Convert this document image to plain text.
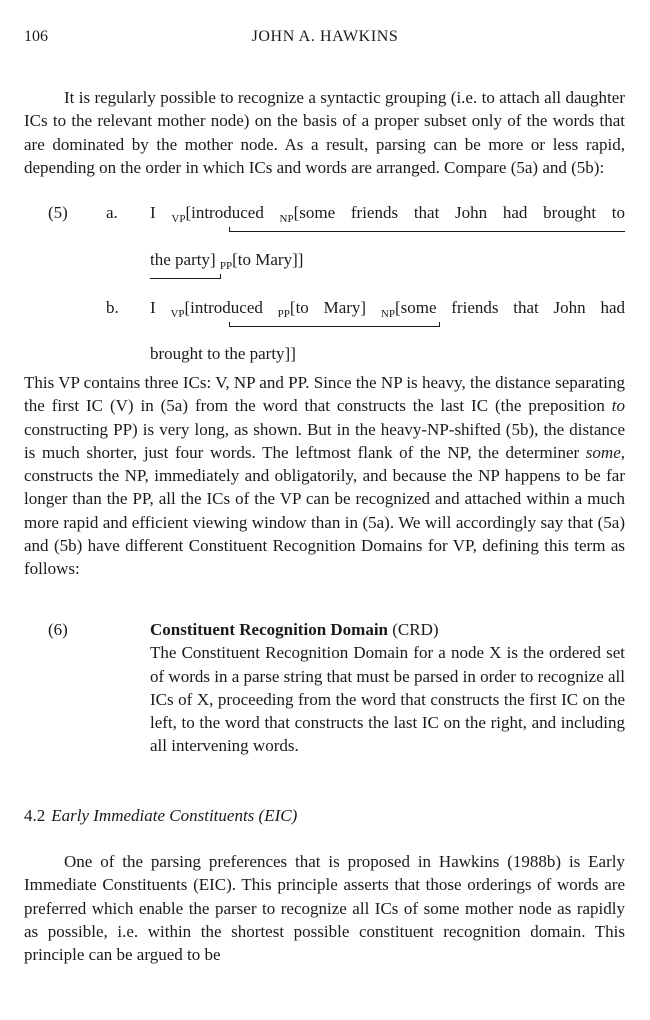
106	JOHN A. HAWKINS

It is regularly possible to recognize a syntactic grouping (i.e. to attach all daughter ICs to the relevant mother node) on the basis of a proper subset only of the words that are dominated by the mother node. As a result, parsing can be more or less rapid, depending on the order in which ICs and words are arranged. Compare (5a) and (5b):

(5) a. I $_{VP}$[introduced $_{NP}$[some friends that John had brought to
the party] $_{PP}$[to Mary]]
b. I $_{VP}$[introduced $_{PP}$[to Mary] $_{NP}$[some friends that John had
brought to the party]]

This VP contains three ICs: V, NP and PP. Since the NP is heavy, the distance separating the first IC (V) in (5a) from the word that constructs the last IC (the preposition to constructing PP) is very long, as shown. But in the heavy-NP-shifted (5b), the distance is much shorter, just four words. The leftmost flank of the NP, the determiner some, constructs the NP, immediately and obligatorily, and because the NP happens to be far longer than the PP, all the ICs of the VP can be recognized and attached within a much more rapid and efficient viewing window than in (5a). We will accordingly say that (5a) and (5b) have different Constituent Recognition Domains for VP, defining this term as follows:

(6)	Constituent Recognition Domain (CRD)
The Constituent Recognition Domain for a node X is the ordered set of words in a parse string that must be parsed in order to recognize all ICs of X, proceeding from the word that constructs the first IC on the left, to the word that constructs the last IC on the right, and including all intervening words.

4.2 Early Immediate Constituents (EIC)

One of the parsing preferences that is proposed in Hawkins (1988b) is Early Immediate Constituents (EIC). This principle asserts that those orderings of words are preferred which enable the parser to recognize all ICs of some mother node as rapidly as possible, i.e. within the shortest possible constituent recognition domain. This principle can be argued to be
